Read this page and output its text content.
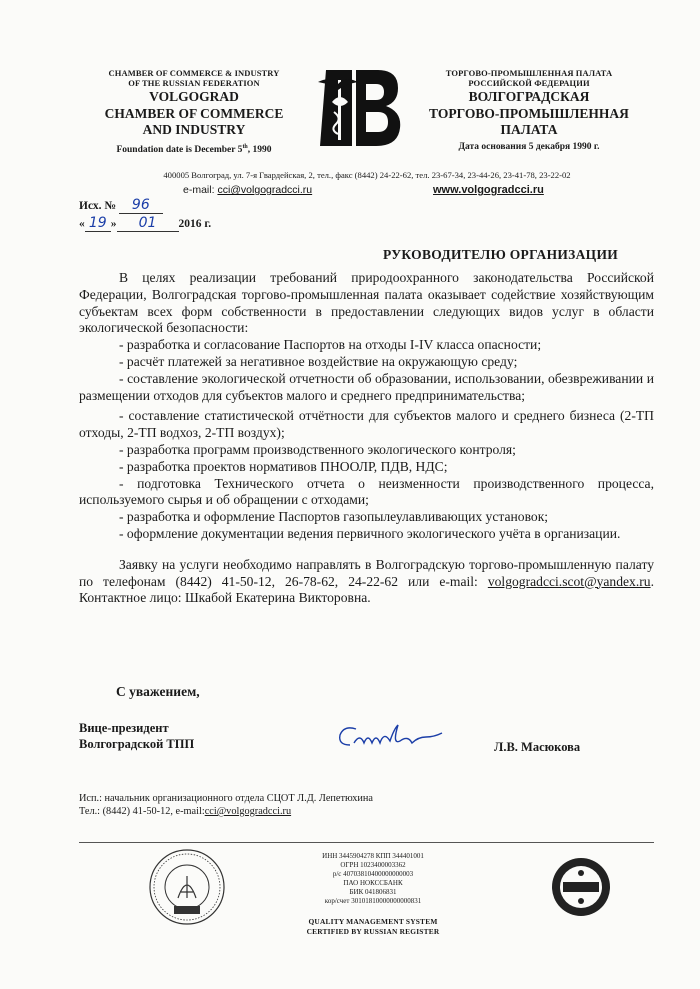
CHAMBER OF COMMERCE & INDUSTRY
OF THE RUSSIAN FEDERATION
VOLGOGRAD
CHAMBER OF COMMERCE
AND INDUSTRY
Foundation date is December 5th, 1990
ТОРГОВО-ПРОМЫШЛЕННАЯ ПАЛАТА
РОССИЙСКОЙ ФЕДЕРАЦИИ
ВОЛГОГРАДСКАЯ
ТОРГОВО-ПРОМЫШЛЕННАЯ
ПАЛАТА
Дата основания 5 декабря 1990 г.
400005 Волгоград, ул. 7-я Гвардейская, 2, тел., факс (8442) 24-22-62, тел. 23-67-34, 23-44-26, 23-41-78, 23-22-02
e-mail: cci@volgogradcci.ru	www.volgogradcci.ru
Исх. № 96
« 19 » 01 2016 г.
РУКОВОДИТЕЛЮ ОРГАНИЗАЦИИ

В целях реализации требований природоохранного законодательства Российской Федерации, Волгоградская торгово-промышленная палата оказывает содействие хозяйствующим субъектам всех форм собственности в предоставлении следующих видов услуг в области экологической безопасности:

- разработка и согласование Паспортов на отходы I-IV класса опасности;

- расчёт платежей за негативное воздействие на окружающую среду;

- составление экологической отчетности об образовании, использовании, обезвреживании и размещении отходов для субъектов малого и среднего предпринимательства;

- составление статистической отчётности для субъектов малого и среднего бизнеса (2-ТП отходы, 2-ТП водхоз, 2-ТП воздух);

- разработка программ производственного экологического контроля;

- разработка проектов нормативов ПНООЛР, ПДВ, НДС;

- подготовка Технического отчета о неизменности производственного процесса, используемого сырья и об обращении с отходами;

- разработка и оформление Паспортов газопылеулавливающих установок;

- оформление документации ведения первичного экологического учёта в организации.

Заявку на услуги необходимо направлять в Волгоградскую торгово-промышленную палату по телефонам (8442) 41-50-12, 26-78-62, 24-22-62 или e-mail: volgogradcci.scot@yandex.ru. Контактное лицо: Шкабой Екатерина Викторовна.

С уважением,
Вице-президент
Волгоградской ТПП	Л.В. Масюкова
Исп.: начальник организационного отдела СЦОТ Л.Д. Лепетюхина
Тел.: (8442) 41-50-12, e-mail:cci@volgogradcci.ru
ИНН 3445904278 КПП 344401001
ОГРН 1023400003362
р/с 40703810400000000003
ПАО НОКССБАНК
БИК 041806831
кор/счет 30101810000000000831
QUALITY MANAGEMENT SYSTEM
CERTIFIED BY RUSSIAN REGISTER
